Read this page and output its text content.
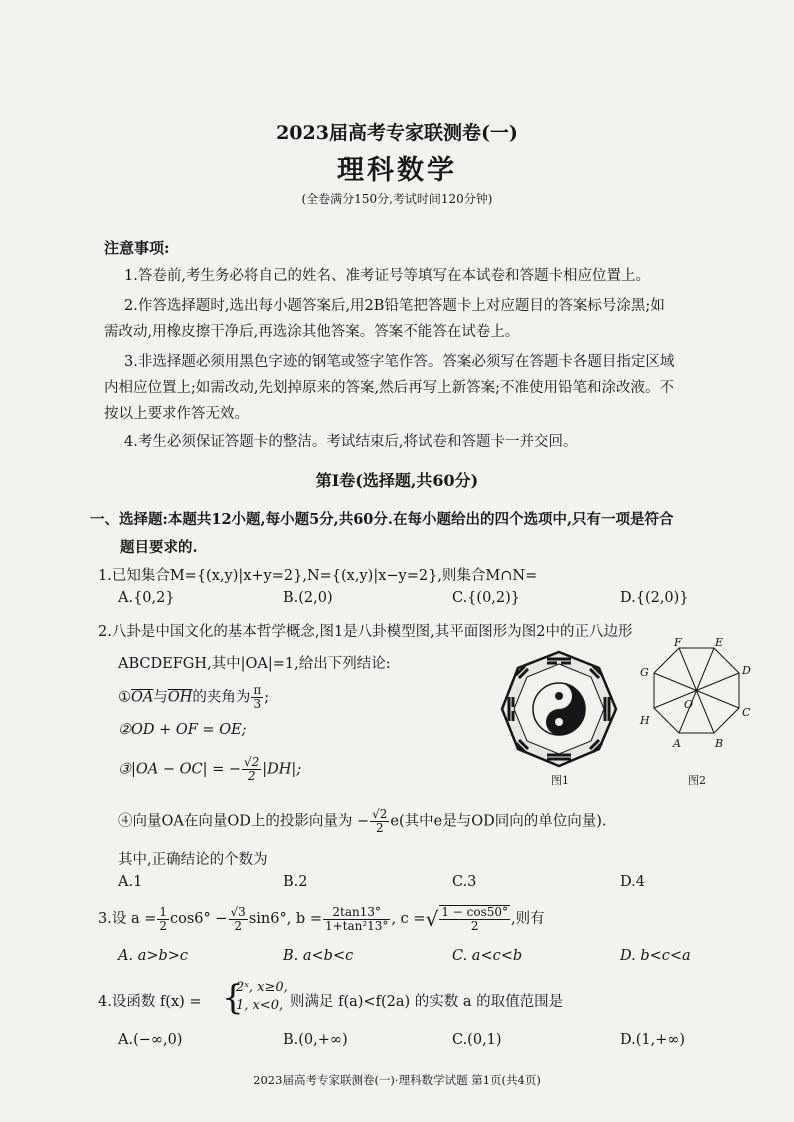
2023届高考专家联测卷(一)
理科数学
(全卷满分150分,考试时间120分钟)
注意事项:
1.答卷前,考生务必将自己的姓名、准考证号等填写在本试卷和答题卡相应位置上。
2.作答选择题时,选出每小题答案后,用2B铅笔把答题卡上对应题目的答案标号涂黑;如
需改动,用橡皮擦干净后,再选涂其他答案。答案不能答在试卷上。
3.非选择题必须用黑色字迹的钢笔或签字笔作答。答案必须写在答题卡各题目指定区域
内相应位置上;如需改动,先划掉原来的答案,然后再写上新答案;不准使用铅笔和涂改液。不
按以上要求作答无效。
4.考生必须保证答题卡的整洁。考试结束后,将试卷和答题卡一并交回。
第Ⅰ卷(选择题,共60分)
一、选择题:本题共12小题,每小题5分,共60分.在每小题给出的四个选项中,只有一项是符合
题目要求的.
1.已知集合M={(x,y)|x+y=2},N={(x,y)|x−y=2},则集合M∩N=
A.{0,2}	B.(2,0)	C.{(0,2)}	D.{(2,0)}
2.八卦是中国文化的基本哲学概念,图1是八卦模型图,其平面图形为图2中的正八边形
ABCDEFGH,其中|OA|=1,给出下列结论:
$①\overline{OA}$与$\overline{OH}$的夹角为 $\frac{\pi}{3}$ ;
②OD + OF = OE;
③|OA − OC| = − $\frac{√2}{2} |DH|$;
图1
F	E
D
C
B
A
H
G
O
图2
④向量OA在向量OD上的投影向量为 − $\frac{√2}{2} e$(其中e是与OD同向的单位向量).
其中,正确结论的个数为
A.1	B.2	C.3	D.4
3.设 $a = \frac{1}{2} \cos 6^\circ - \frac{√3}{2} \sin 6^\circ$, $b = \frac{2\tan 13^\circ}{\text{1+tan²13°}}$ , c =√ $\frac{1 - \cos 50^\circ}{2}$ ,则有
A. a>b>c	B. a<b<c	C. a<c<b	D. b<c<a
4.设函数 f(x) = {
2ˣ, x≥0,
1, x<0, 则满足 f(a)<f(2a) 的实数 a 的取值范围是
A.(−∞,0)	B.(0,+∞)	C.(0,1)	D.(1,+∞)
2023届高考专家联测卷(一)·理科数学试题 第1页(共4页)
